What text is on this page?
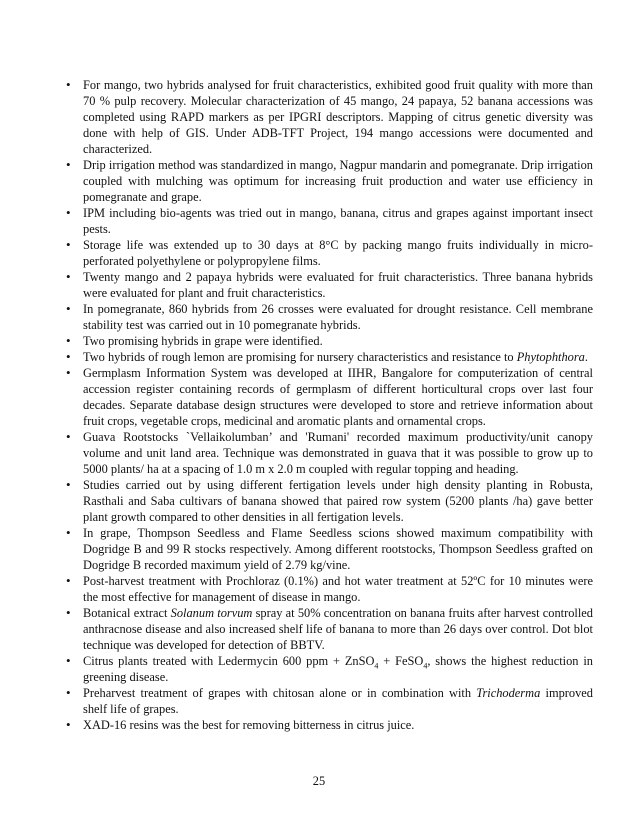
• For mango, two hybrids analysed for fruit characteristics, exhibited good fruit quality with more than 70 % pulp recovery. Molecular characterization of 45 mango, 24 papaya, 52 banana accessions was completed using RAPD markers as per IPGRI descriptors. Mapping of citrus genetic diversity was done with help of GIS. Under ADB-TFT Project, 194 mango accessions were documented and characterized.
• Drip irrigation method was standardized in mango, Nagpur mandarin and pomegranate. Drip irrigation coupled with mulching was optimum for increasing fruit production and water use efficiency in pomegranate and grape.
• IPM including bio-agents was tried out in mango, banana, citrus and grapes against important insect pests.
• Storage life was extended up to 30 days at 8°C by packing mango fruits individually in micro-perforated polyethylene or polypropylene films.
• Twenty mango and 2 papaya hybrids were evaluated for fruit characteristics. Three banana hybrids were evaluated for plant and fruit characteristics.
• In pomegranate, 860 hybrids from 26 crosses were evaluated for drought resistance. Cell membrane stability test was carried out in 10 pomegranate hybrids.
• Two promising hybrids in grape were identified.
• Two hybrids of rough lemon are promising for nursery characteristics and resistance to Phytophthora.
• Germplasm Information System was developed at IIHR, Bangalore for computerization of central accession register containing records of germplasm of different horticultural crops over last four decades. Separate database design structures were developed to store and retrieve information about fruit crops, vegetable crops, medicinal and aromatic plants and ornamental crops.
• Guava Rootstocks `Vellaikolumban’ and 'Rumani' recorded maximum productivity/unit canopy volume and unit land area. Technique was demonstrated in guava that it was possible to grow up to 5000 plants/ ha at a spacing of 1.0 m x 2.0 m coupled with regular topping and heading.
• Studies carried out by using different fertigation levels under high density planting in Robusta, Rasthali and Saba cultivars of banana showed that paired row system (5200 plants /ha) gave better plant growth compared to other densities in all fertigation levels.
• In grape, Thompson Seedless and Flame Seedless scions showed maximum compatibility with Dogridge B and 99 R stocks respectively. Among different rootstocks, Thompson Seedless grafted on Dogridge B recorded maximum yield of 2.79 kg/vine.
• Post-harvest treatment with Prochloraz (0.1%) and hot water treatment at 52ºC for 10 minutes were the most effective for management of disease in mango.
• Botanical extract Solanum torvum spray at 50% concentration on banana fruits after harvest controlled anthracnose disease and also increased shelf life of banana to more than 26 days over control. Dot blot technique was developed for detection of BBTV.
• Citrus plants treated with Ledermycin 600 ppm + ZnSO$_4$ + FeSO$_4$, shows the highest reduction in greening disease.
• Preharvest treatment of grapes with chitosan alone or in combination with Trichoderma improved shelf life of grapes.
• XAD-16 resins was the best for removing bitterness in citrus juice.
25
